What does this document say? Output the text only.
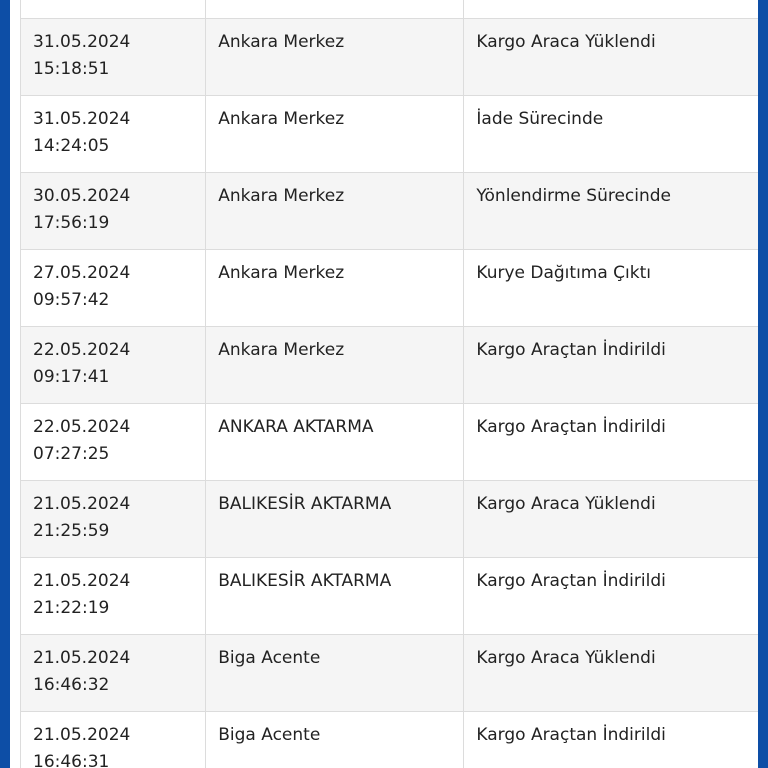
31.05.2024
15:18:51	Ankara Merkez	Kargo Araca Yüklendi

31.05.2024
14:24:05	Ankara Merkez	İade Sürecinde

30.05.2024
17:56:19	Ankara Merkez	Yönlendirme Sürecinde

27.05.2024
09:57:42	Ankara Merkez	Kurye Dağıtıma Çıktı

22.05.2024
09:17:41	Ankara Merkez	Kargo Araçtan İndirildi

22.05.2024
07:27:25	ANKARA AKTARMA	Kargo Araçtan İndirildi

21.05.2024
21:25:59	BALIKESİR AKTARMA	Kargo Araca Yüklendi

21.05.2024
21:22:19	BALIKESİR AKTARMA	Kargo Araçtan İndirildi

21.05.2024
16:46:32	Biga Acente	Kargo Araca Yüklendi

21.05.2024
16:46:31	Biga Acente	Kargo Araçtan İndirildi
